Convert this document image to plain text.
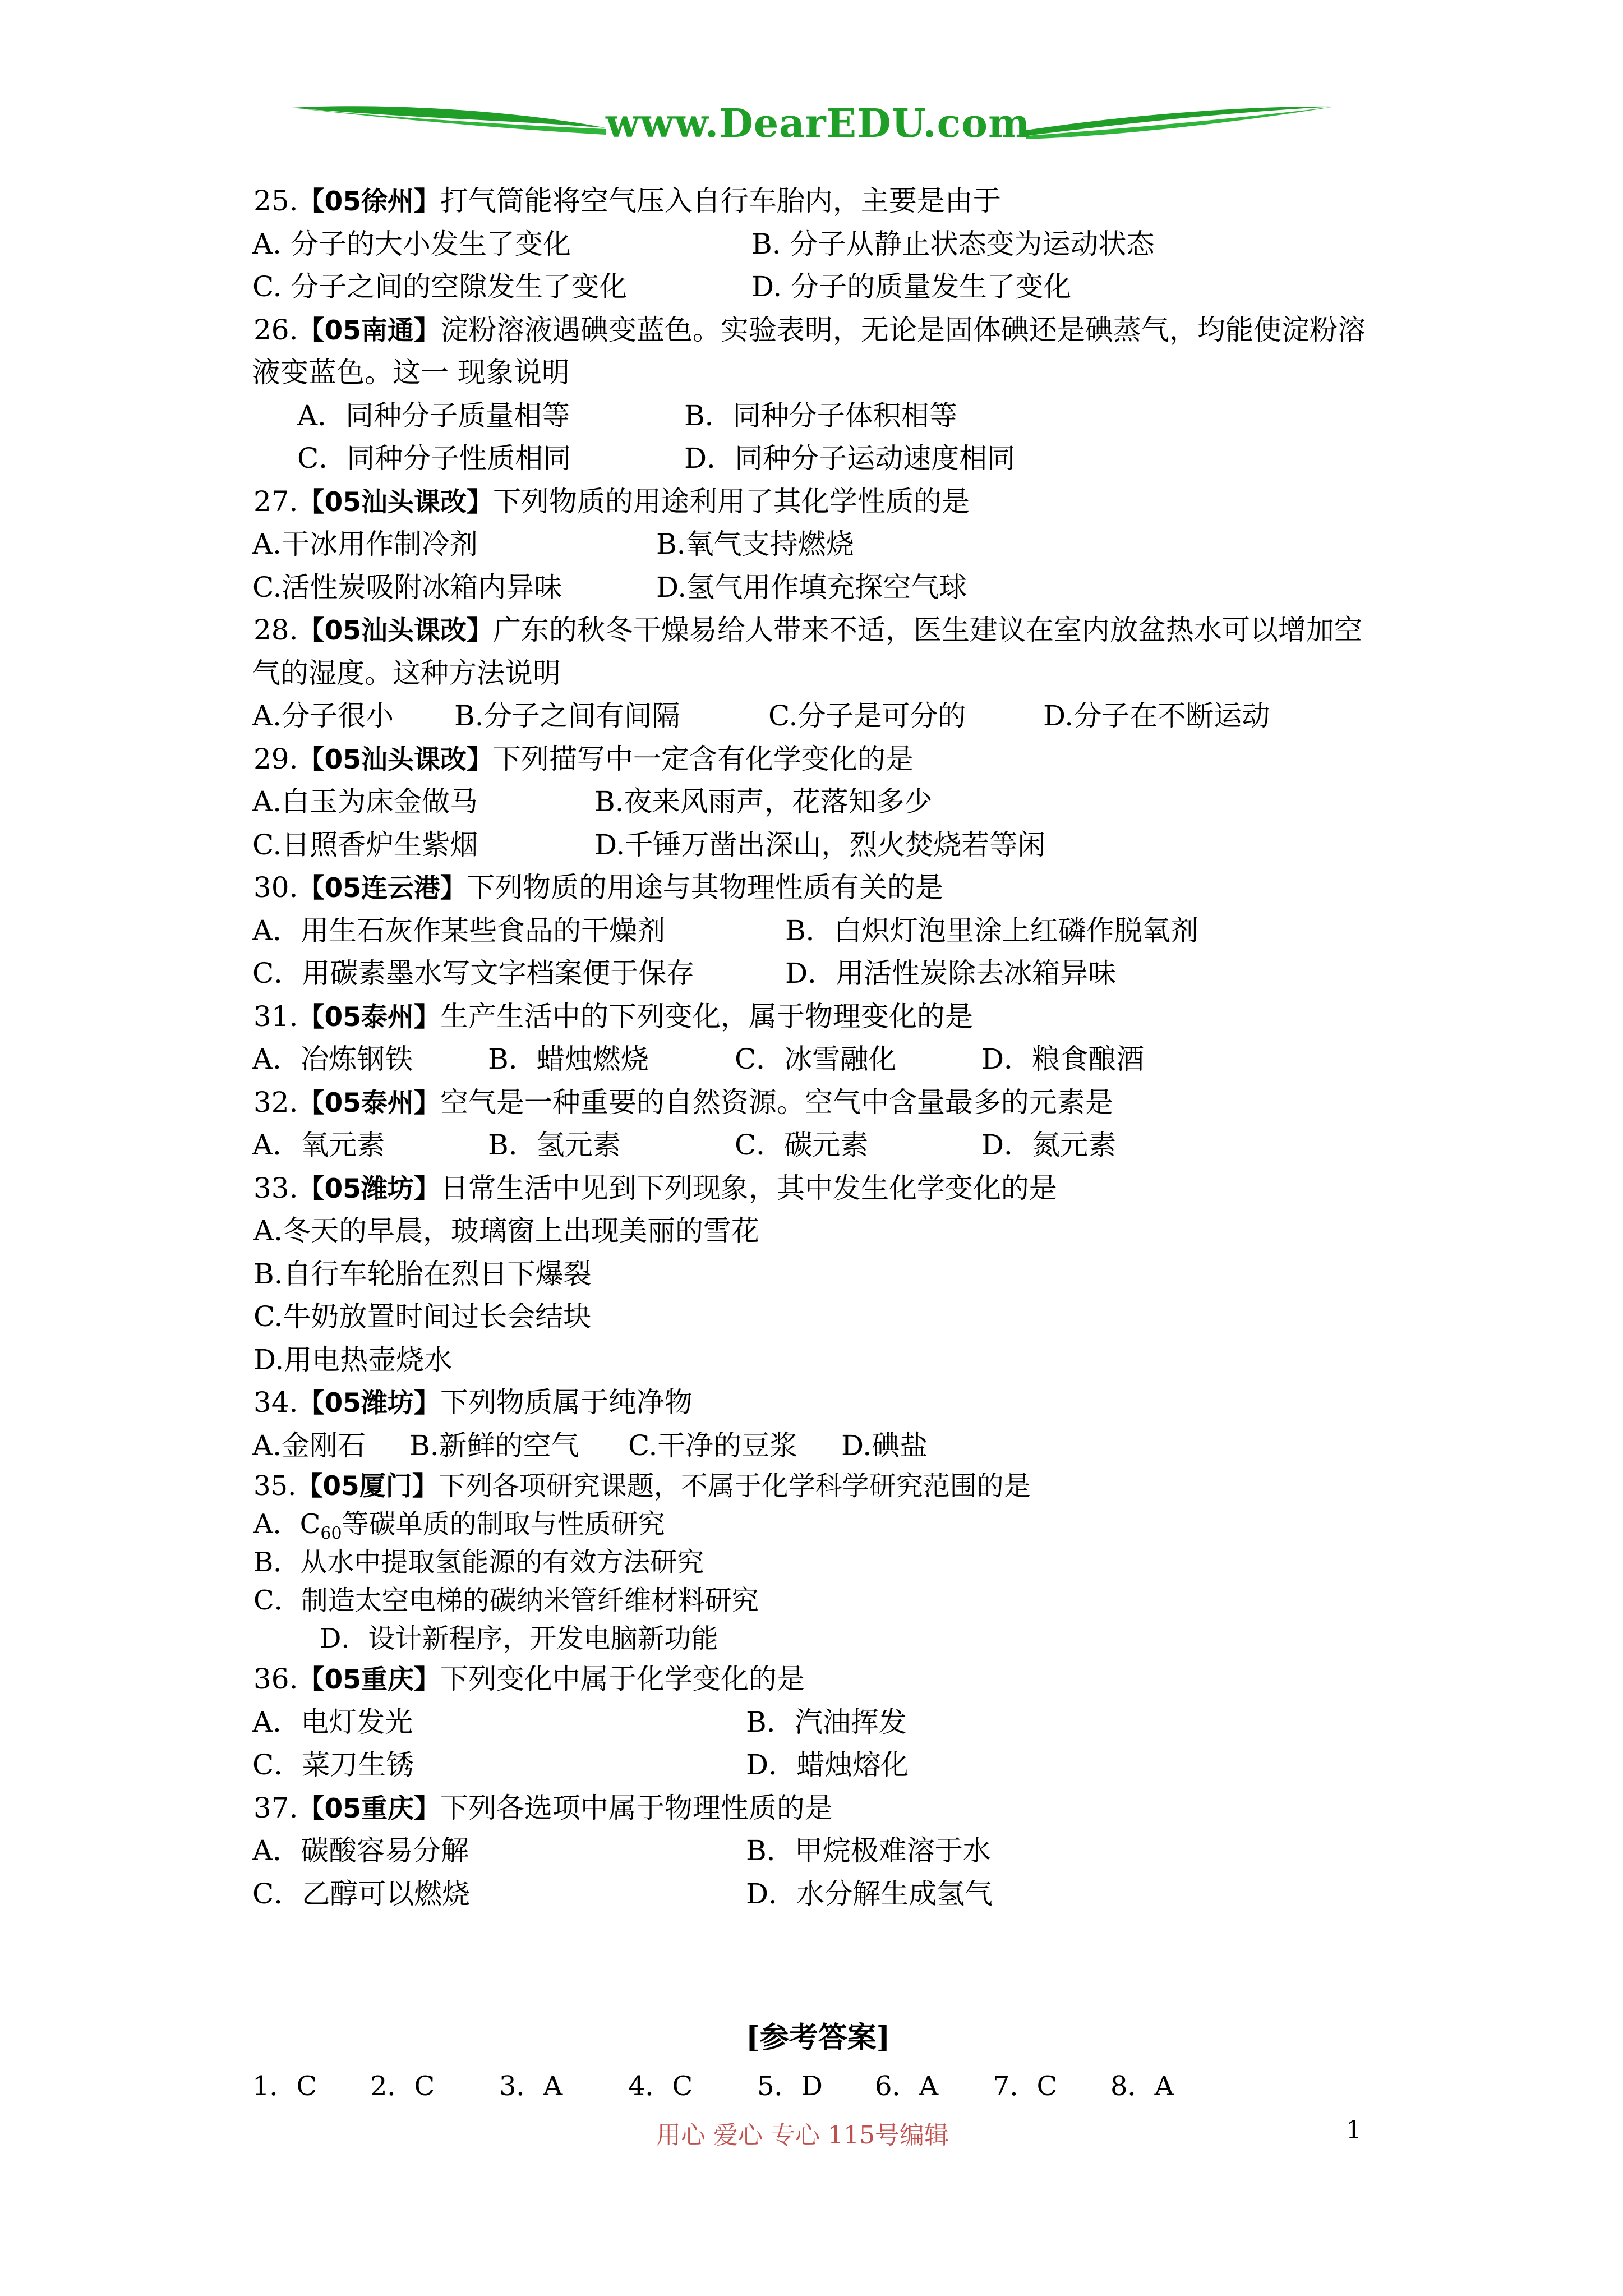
www.DearEDU.com
25.【05徐州】打气筒能将空气压入自行车胎内，主要是由于
A. 分子的大小发生了变化	B. 分子从静止状态变为运动状态
C. 分子之间的空隙发生了变化	D. 分子的质量发生了变化
26.【05南通】淀粉溶液遇碘变蓝色。实验表明，无论是固体碘还是碘蒸气，均能使淀粉溶
液变蓝色。这一 现象说明
A．同种分子质量相等	B．同种分子体积相等
C．同种分子性质相同	D．同种分子运动速度相同
27.【05汕头课改】下列物质的用途利用了其化学性质的是
A.干冰用作制冷剂	B.氧气支持燃烧
C.活性炭吸附冰箱内异味	D.氢气用作填充探空气球
28.【05汕头课改】广东的秋冬干燥易给人带来不适，医生建议在室内放盆热水可以增加空
气的湿度。这种方法说明
A.分子很小 B.分子之间有间隔	C.分子是可分的	D.分子在不断运动
29.【05汕头课改】下列描写中一定含有化学变化的是
A.白玉为床金做马	B.夜来风雨声，花落知多少
C.日照香炉生紫烟	D.千锤万凿出深山，烈火焚烧若等闲
30.【05连云港】下列物质的用途与其物理性质有关的是
A．用生石灰作某些食品的干燥剂	B．白炽灯泡里涂上红磷作脱氧剂
C．用碳素墨水写文字档案便于保存	D．用活性炭除去冰箱异味
31.【05泰州】生产生活中的下列变化，属于物理变化的是
A．冶炼钢铁	B．蜡烛燃烧	C．冰雪融化	D．粮食酿酒
32.【05泰州】空气是一种重要的自然资源。空气中含量最多的元素是
A．氧元素	B．氢元素	C．碳元素	D．氮元素
33.【05潍坊】日常生活中见到下列现象，其中发生化学变化的是
A.冬天的早晨，玻璃窗上出现美丽的雪花
B.自行车轮胎在烈日下爆裂
C.牛奶放置时间过长会结块
D.用电热壶烧水
34.【05潍坊】下列物质属于纯净物
A.金刚石 B.新鲜的空气 C.干净的豆浆 D.碘盐
35.【05厦门】下列各项研究课题，不属于化学科学研究范围的是
A．$C_{60}$等碳单质的制取与性质研究
B．从水中提取氢能源的有效方法研究
C．制造太空电梯的碳纳米管纤维材料研究
D．设计新程序，开发电脑新功能
36.【05重庆】下列变化中属于化学变化的是
A．电灯发光	B．汽油挥发
C．菜刀生锈	D．蜡烛熔化
37.【05重庆】下列各选项中属于物理性质的是
A．碳酸容易分解	B．甲烷极难溶于水
C．乙醇可以燃烧	D．水分解生成氢气
[参考答案]
1．C 2．C 3．A 4．C 5．D 6．A 7．C 8．A
用心 爱心 专心 115号编辑	1
